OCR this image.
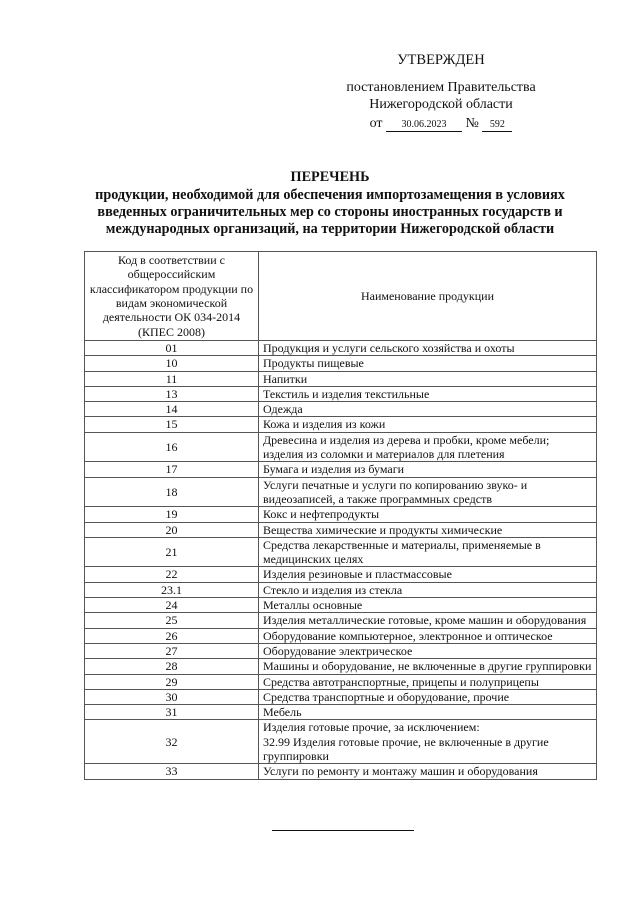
УТВЕРЖДЕН
постановлением Правительства
Нижегородской области
от 30.06.2023 № 592
ПЕРЕЧЕНЬ
продукции, необходимой для обеспечения импортозамещения в условиях
введенных ограничительных мер со стороны иностранных государств и
международных организаций, на территории Нижегородской области
Код в соответствии с общероссийским классификатором продукции по видам экономической деятельности ОК 034-2014 (КПЕС 2008)	Наименование продукции
01	Продукция и услуги сельского хозяйства и охоты
10	Продукты пищевые
11	Напитки
13	Текстиль и изделия текстильные
14	Одежда
15	Кожа и изделия из кожи
16	Древесина и изделия из дерева и пробки, кроме мебели; изделия из соломки и материалов для плетения
17	Бумага и изделия из бумаги
18	Услуги печатные и услуги по копированию звуко- и видеозаписей, а также программных средств
19	Кокс и нефтепродукты
20	Вещества химические и продукты химические
21	Средства лекарственные и материалы, применяемые в медицинских целях
22	Изделия резиновые и пластмассовые
23.1	Стекло и изделия из стекла
24	Металлы основные
25	Изделия металлические готовые, кроме машин и оборудования
26	Оборудование компьютерное, электронное и оптическое
27	Оборудование электрическое
28	Машины и оборудование, не включенные в другие группировки
29	Средства автотранспортные, прицепы и полуприцепы
30	Средства транспортные и оборудование, прочие
31	Мебель
32	Изделия готовые прочие, за исключением:
32.99 Изделия готовые прочие, не включенные в другие группировки

33	Услуги по ремонту и монтажу машин и оборудования
